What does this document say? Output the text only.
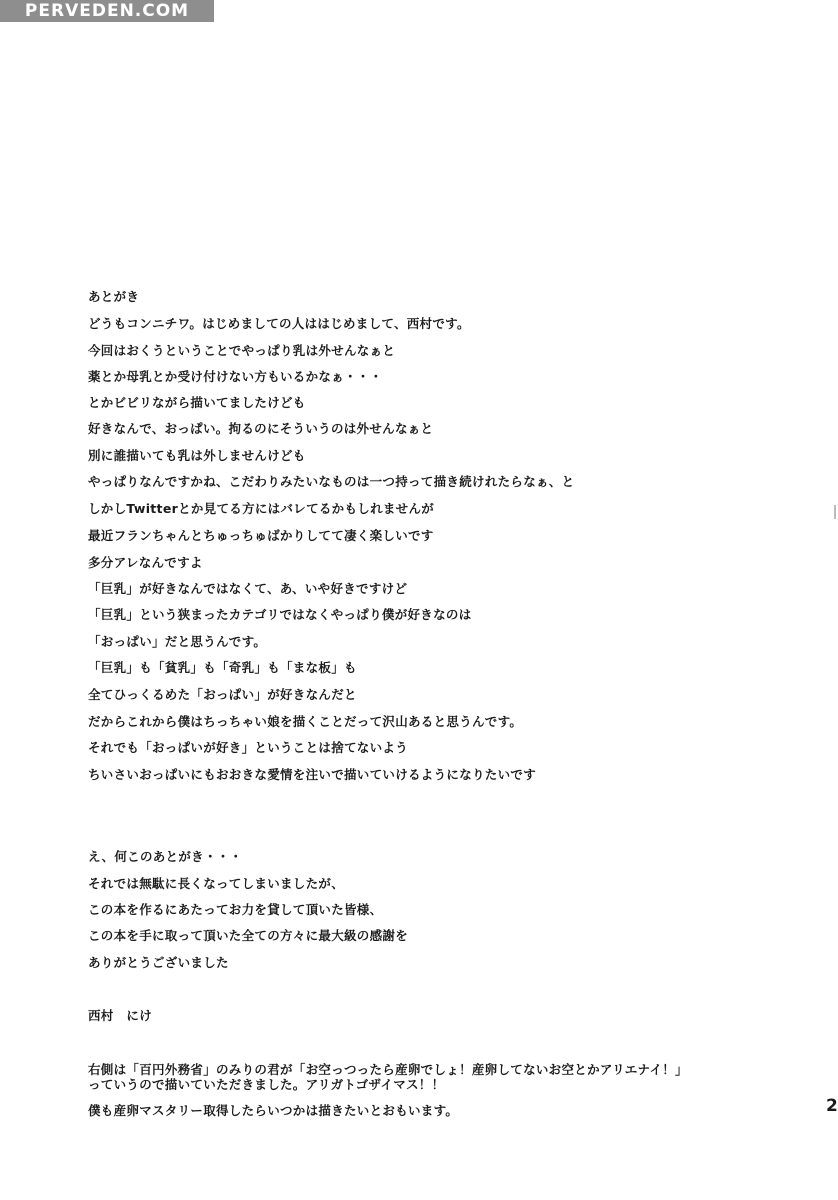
PERVEDEN.COM
あとがき
どうもコンニチワ。はじめましての人ははじめまして、西村です。
今回はおくうということでやっぱり乳は外せんなぁと
薬とか母乳とか受け付けない方もいるかなぁ・・・
とかビビリながら描いてましたけども
好きなんで、おっぱい。拘るのにそういうのは外せんなぁと
別に誰描いても乳は外しませんけども
やっぱりなんですかね、こだわりみたいなものは一つ持って描き続けれたらなぁ、と
しかしTwitterとか見てる方にはバレてるかもしれませんが
最近フランちゃんとちゅっちゅばかりしてて凄く楽しいです
多分アレなんですよ
「巨乳」が好きなんではなくて、あ、いや好きですけど
「巨乳」という狭まったカテゴリではなくやっぱり僕が好きなのは
「おっぱい」だと思うんです。
「巨乳」も「貧乳」も「奇乳」も「まな板」も
全てひっくるめた「おっぱい」が好きなんだと
だからこれから僕はちっちゃい娘を描くことだって沢山あると思うんです。
それでも「おっぱいが好き」ということは捨てないよう
ちいさいおっぱいにもおおきな愛情を注いで描いていけるようになりたいです
え、何このあとがき・・・
それでは無駄に長くなってしまいましたが、
この本を作るにあたってお力を貸して頂いた皆様、
この本を手に取って頂いた全ての方々に最大級の感謝を
ありがとうございました
西村　にけ
右側は「百円外務省」のみりの君が「お空っつったら産卵でしょ！産卵してないお空とかアリエナイ！」
っていうので描いていただきました。アリガトゴザイマス！！
僕も産卵マスタリー取得したらいつかは描きたいとおもいます。	2
